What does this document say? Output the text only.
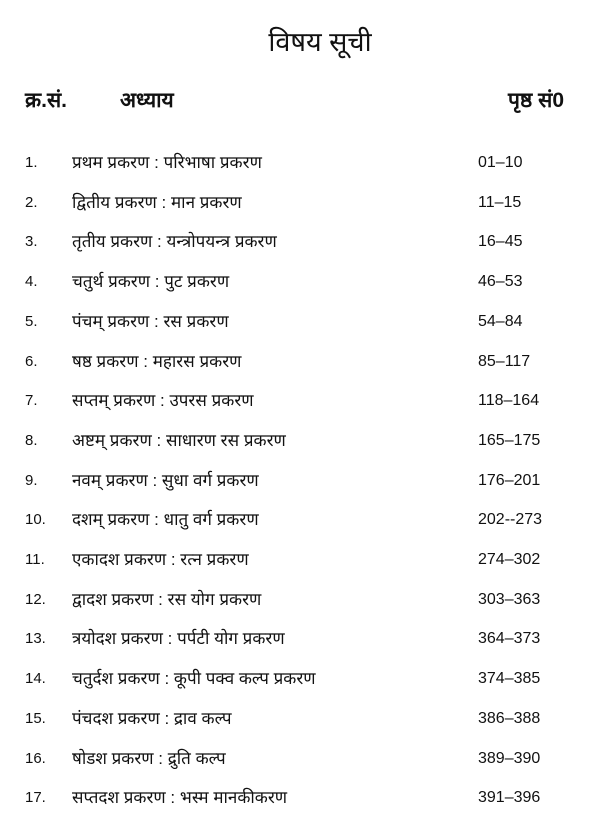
विषय सूची
क्र.सं.	अध्याय	पृष्ठ सं0
1. प्रथम प्रकरण : परिभाषा प्रकरण	01–10
2. द्वितीय प्रकरण : मान प्रकरण	11–15
3. तृतीय प्रकरण : यन्त्रोपयन्त्र प्रकरण	16–45
4. चतुर्थ प्रकरण : पुट प्रकरण	46–53
5. पंचम् प्रकरण : रस प्रकरण	54–84
6. षष्ठ प्रकरण : महारस प्रकरण	85–117
7. सप्तम् प्रकरण : उपरस प्रकरण	118–164
8. अष्टम् प्रकरण : साधारण रस प्रकरण	165–175
9. नवम् प्रकरण : सुधा वर्ग प्रकरण	176–201
10. दशम् प्रकरण : धातु वर्ग प्रकरण	202--273
11. एकादश प्रकरण : रत्न प्रकरण	274–302
12. द्वादश प्रकरण : रस योग प्रकरण	303–363
13. त्रयोदश प्रकरण : पर्पटी योग प्रकरण	364–373
14. चतुर्दश प्रकरण : कूपी पक्व कल्प प्रकरण	374–385
15. पंचदश प्रकरण : द्राव कल्प	386–388
16. षोडश प्रकरण : द्रुति कल्प	389–390
17. सप्तदश प्रकरण : भस्म मानकीकरण	391–396
